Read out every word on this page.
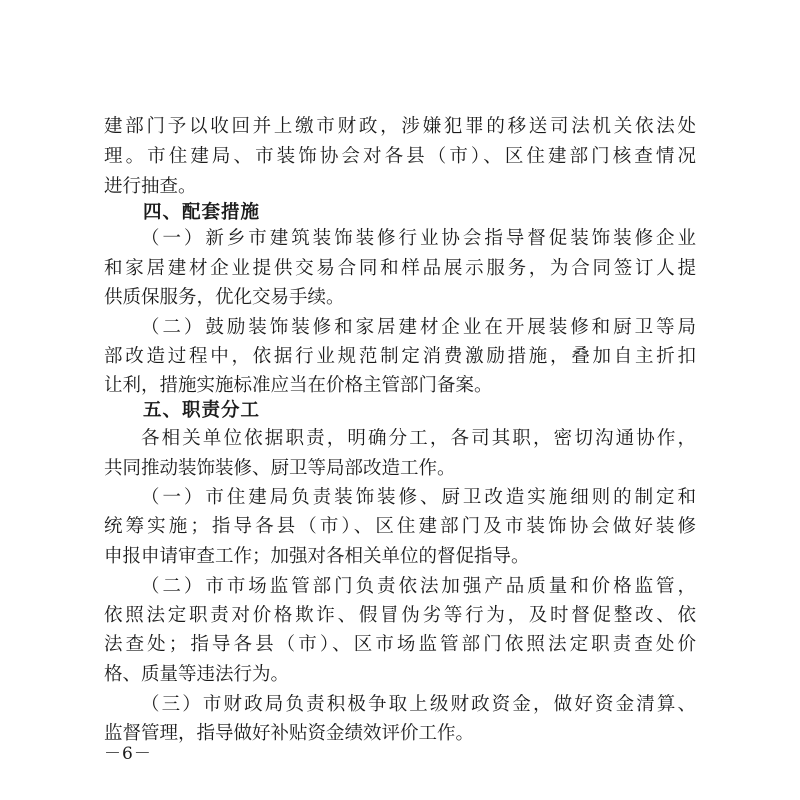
建部门予以收回并上缴市财政，涉嫌犯罪的移送司法机关依法处
理。市住建局、市装饰协会对各县（市）、区住建部门核查情况
进行抽查。
四、配套措施
（一）新乡市建筑装饰装修行业协会指导督促装饰装修企业
和家居建材企业提供交易合同和样品展示服务，为合同签订人提
供质保服务，优化交易手续。
（二）鼓励装饰装修和家居建材企业在开展装修和厨卫等局
部改造过程中，依据行业规范制定消费激励措施，叠加自主折扣
让利，措施实施标准应当在价格主管部门备案。
五、职责分工
各相关单位依据职责，明确分工，各司其职，密切沟通协作，
共同推动装饰装修、厨卫等局部改造工作。
（一）市住建局负责装饰装修、厨卫改造实施细则的制定和
统筹实施；指导各县（市）、区住建部门及市装饰协会做好装修
申报申请审查工作；加强对各相关单位的督促指导。
（二）市市场监管部门负责依法加强产品质量和价格监管，
依照法定职责对价格欺诈、假冒伪劣等行为，及时督促整改、依
法查处；指导各县（市）、区市场监管部门依照法定职责查处价
格、质量等违法行为。
（三）市财政局负责积极争取上级财政资金，做好资金清算、
监督管理，指导做好补贴资金绩效评价工作。
－6－
